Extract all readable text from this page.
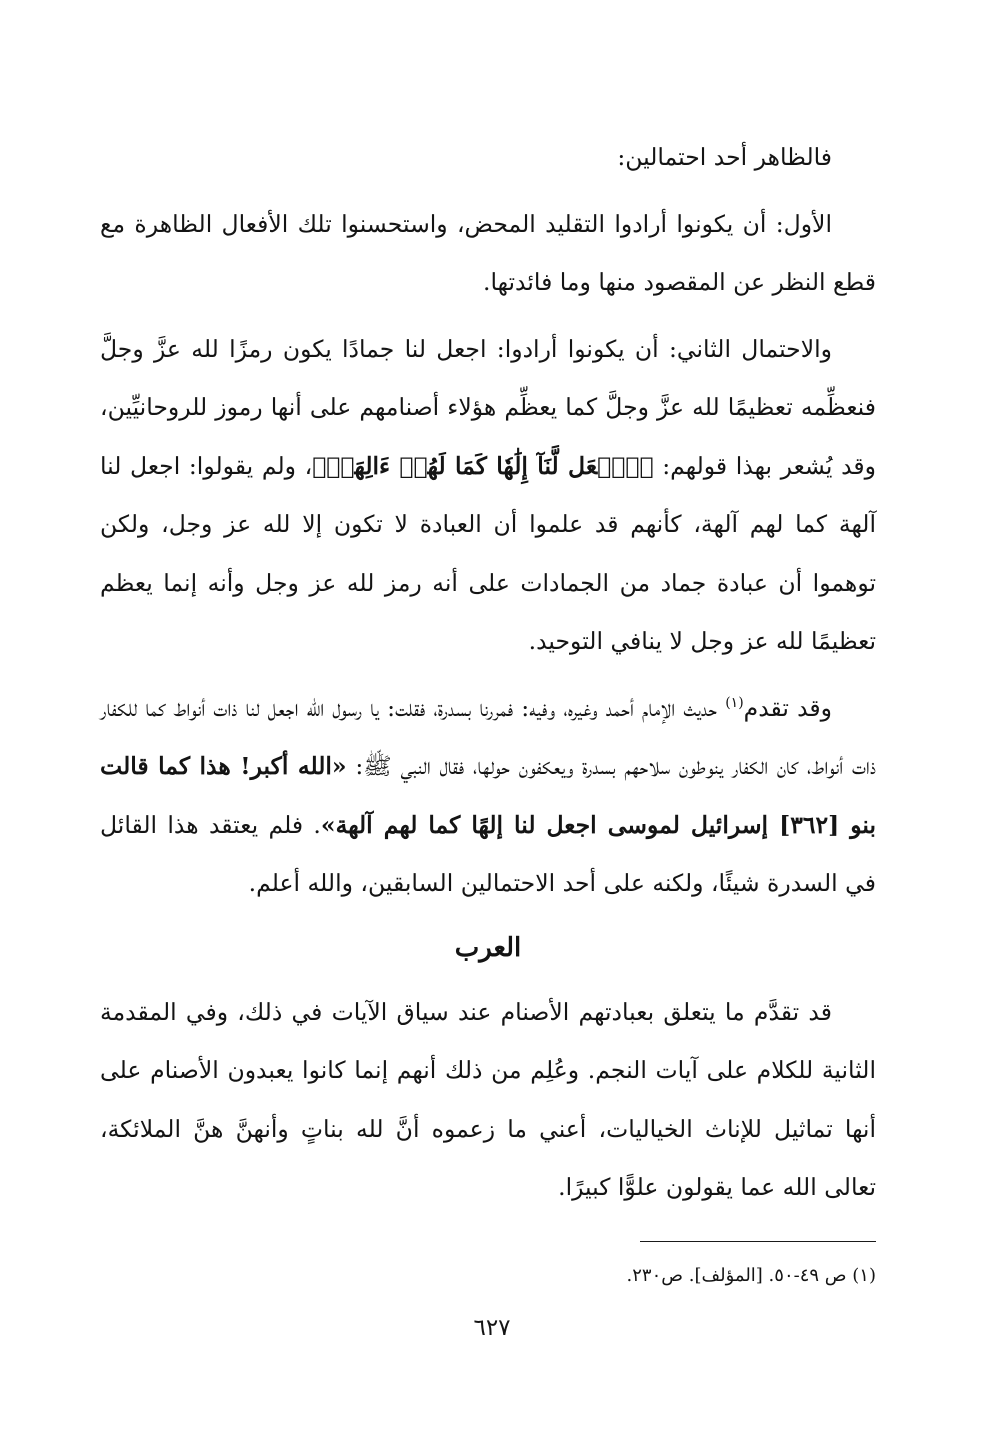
فالظاهر أحد احتمالين:

الأول: أن يكونوا أرادوا التقليد المحض، واستحسنوا تلك الأفعال الظاهرة مع قطع النظر عن المقصود منها وما فائدتها.

والاحتمال الثاني: أن يكونوا أرادوا: اجعل لنا جمادًا يكون رمزًا لله عزَّ وجلَّ فنعظِّمه تعظيمًا لله عزَّ وجلَّ كما يعظِّم هؤلاء أصنامهم على أنها رموز للروحانيِّين، وقد يُشعر بهذا قولهم: ﴿ٱجۡعَل لَّنَآ إِلَٰهٗا كَمَا لَهُمۡ ءَالِهَةٞ﴾، ولم يقولوا: اجعل لنا آلهة كما لهم آلهة، كأنهم قد علموا أن العبادة لا تكون إلا لله عز وجل، ولكن توهموا أن عبادة جماد من الجمادات على أنه رمز لله عز وجل وأنه إنما يعظم تعظيمًا لله عز وجل لا ينافي التوحيد.

وقد تقدم$^{(١)}$ حديث الإمام أحمد وغيره، وفيه: فمررنا بسدرة، فقلت: يا رسول الله اجعل لنا ذات أنواط كما للكفار ذات أنواط، كان الكفار ينوطون سلاحهم بسدرة ويعكفون حولها، فقال النبي ﷺ: «الله أكبر! هذا كما قالت بنو [٣٦٢] إسرائيل لموسى اجعل لنا إلهًا كما لهم آلهة». فلم يعتقد هذا القائل في السدرة شيئًا، ولكنه على أحد الاحتمالين السابقين، والله أعلم.

العرب

قد تقدَّم ما يتعلق بعبادتهم الأصنام عند سياق الآيات في ذلك، وفي المقدمة الثانية للكلام على آيات النجم. وعُلِم من ذلك أنهم إنما كانوا يعبدون الأصنام على أنها تماثيل للإناث الخياليات، أعني ما زعموه أنَّ لله بناتٍ وأنهنَّ هنَّ الملائكة، تعالى الله عما يقولون علوًّا كبيرًا.

(١) ص ٤٩-٥٠. [المؤلف]. ص٢٣٠.
٦٢٧
